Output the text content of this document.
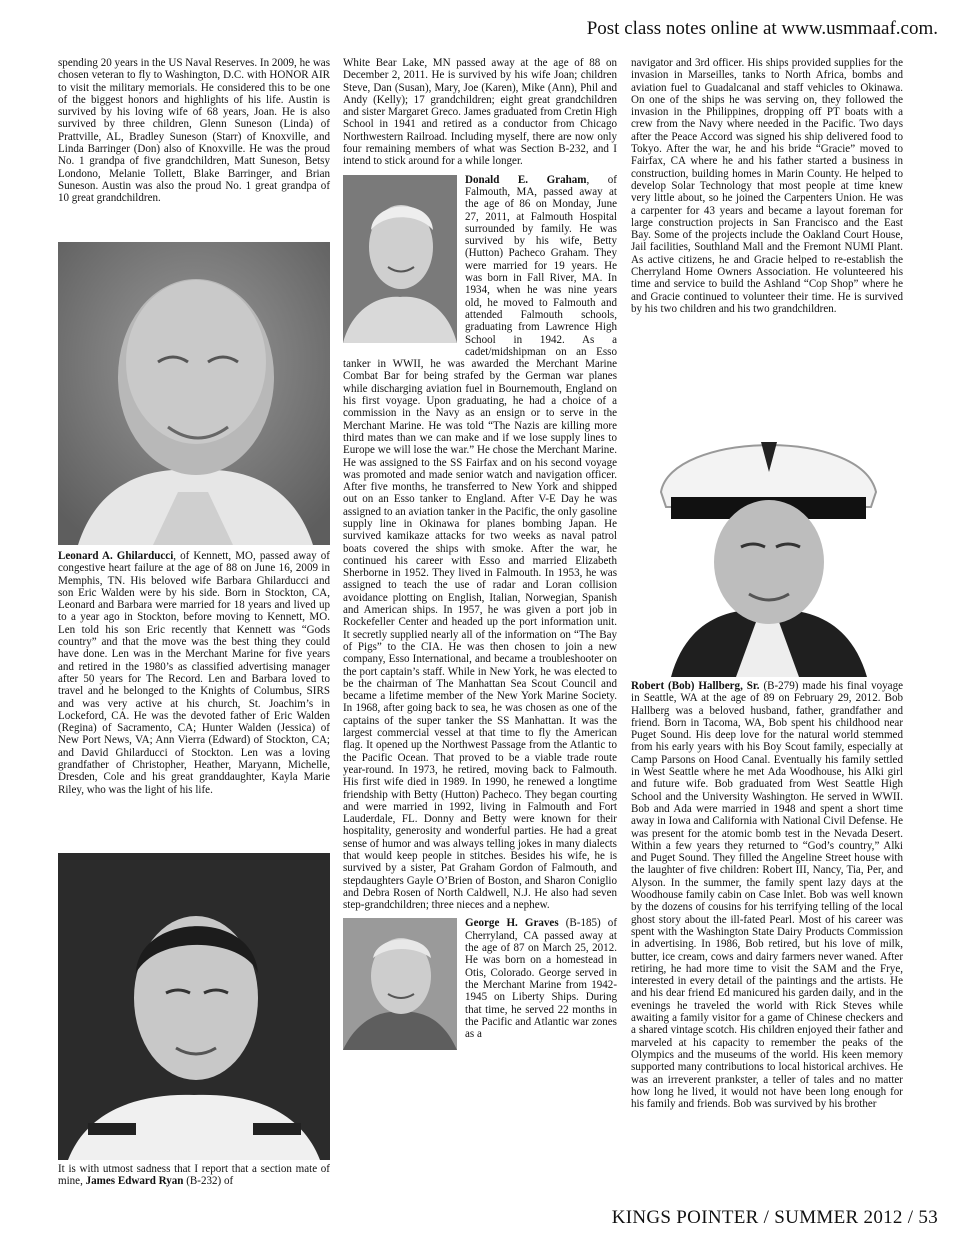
Post class notes online at www.usmmaaf.com.

spending 20 years in the US Naval Reserves. In 2009, he was chosen veteran to fly to Washington, D.C. with HONOR AIR to visit the military memorials. He considered this to be one of the biggest honors and highlights of his life. Austin is survived by his loving wife of 68 years, Joan. He is also survived by three children, Glenn Suneson (Linda) of Prattville, AL, Bradley Suneson (Starr) of Knoxville, and Linda Barringer (Don) also of Knoxville. He was the proud No. 1 grandpa of five grandchildren, Matt Suneson, Betsy Londono, Melanie Tollett, Blake Barringer, and Brian Suneson. Austin was also the proud No. 1 great grandpa of 10 great grandchildren.

Leonard A. Ghilarducci, of Kennett, MO, passed away of congestive heart failure at the age of 88 on June 16, 2009 in Memphis, TN. His beloved wife Barbara Ghilarducci and son Eric Walden were by his side. Born in Stockton, CA, Leonard and Barbara were married for 18 years and lived up to a year ago in Stockton, before moving to Kennett, MO. Len told his son Eric recently that Kennett was “Gods country” and that the move was the best thing they could have done. Len was in the Merchant Marine for five years and retired in the 1980’s as classified advertising manager after 50 years for The Record. Len and Barbara loved to travel and he belonged to the Knights of Columbus, SIRS and was very active at his church, St. Joachim’s in Lockeford, CA. He was the devoted father of Eric Walden (Regina) of Sacramento, CA; Hunter Walden (Jessica) of New Port News, VA; Ann Vierra (Edward) of Stockton, CA; and David Ghilarducci of Stockton. Len was a loving grandfather of Christopher, Heather, Maryann, Michelle, Dresden, Cole and his great granddaughter, Kayla Marie Riley, who was the light of his life.

It is with utmost sadness that I report that a section mate of mine, James Edward Ryan (B-232) of

White Bear Lake, MN passed away at the age of 88 on December 2, 2011. He is survived by his wife Joan; children Steve, Dan (Susan), Mary, Joe (Karen), Mike (Ann), Phil and Andy (Kelly); 17 grandchildren; eight great grandchildren and sister Margaret Greco. James graduated from Cretin High School in 1941 and retired as a conductor from Chicago Northwestern Railroad. Including myself, there are now only four remaining members of what was Section B-232, and I intend to stick around for a while longer.

Donald E. Graham, of Falmouth, MA, passed away at the age of 86 on Monday, June 27, 2011, at Falmouth Hospital surrounded by family. He was survived by his wife, Betty (Hutton) Pacheco Graham. They were married for 19 years. He was born in Fall River, MA. In 1934, when he was nine years old, he moved to Falmouth and attended Falmouth schools, graduating from Lawrence High School in 1942. As a cadet/midshipman on an Esso tanker in WWII, he was awarded the Merchant Marine Combat Bar for being strafed by the German war planes while discharging aviation fuel in Bournemouth, England on his first voyage. Upon graduating, he had a choice of a commission in the Navy as an ensign or to serve in the Merchant Marine. He was told “The Nazis are killing more third mates than we can make and if we lose supply lines to Europe we will lose the war.” He chose the Merchant Marine. He was assigned to the SS Fairfax and on his second voyage was promoted and made senior watch and navigation officer. After five months, he transferred to New York and shipped out on an Esso tanker to England. After V-E Day he was assigned to an aviation tanker in the Pacific, the only gasoline supply line in Okinawa for planes bombing Japan. He survived kamikaze attacks for two weeks as naval patrol boats covered the ships with smoke. After the war, he continued his career with Esso and married Elizabeth Sherborne in 1952. They lived in Falmouth. In 1953, he was assigned to teach the use of radar and Loran collision avoidance plotting on English, Italian, Norwegian, Spanish and American ships. In 1957, he was given a port job in Rockefeller Center and headed up the port information unit. It secretly supplied nearly all of the information on “The Bay of Pigs” to the CIA. He was then chosen to join a new company, Esso International, and became a troubleshooter on the port captain’s staff. While in New York, he was elected to be the chairman of The Manhattan Sea Scout Council and became a lifetime member of the New York Marine Society. In 1968, after going back to sea, he was chosen as one of the captains of the super tanker the SS Manhattan. It was the largest commercial vessel at that time to fly the American flag. It opened up the Northwest Passage from the Atlantic to the Pacific Ocean. That proved to be a viable trade route year-round. In 1973, he retired, moving back to Falmouth. His first wife died in 1989. In 1990, he renewed a longtime friendship with Betty (Hutton) Pacheco. They began courting and were married in 1992, living in Falmouth and Fort Lauderdale, FL. Donny and Betty were known for their hospitality, generosity and wonderful parties. He had a great sense of humor and was always telling jokes in many dialects that would keep people in stitches. Besides his wife, he is survived by a sister, Pat Graham Gordon of Falmouth, and stepdaughters Gayle O’Brien of Boston, and Sharon Coniglio and Debra Rosen of North Caldwell, N.J. He also had seven step-grandchildren; three nieces and a nephew.

George H. Graves (B-185) of Cherryland, CA passed away at the age of 87 on March 25, 2012. He was born on a homestead in Otis, Colorado. George served in the Merchant Marine from 1942-1945 on Liberty Ships. During that time, he served 22 months in the Pacific and Atlantic war zones as a

navigator and 3rd officer. His ships provided supplies for the invasion in Marseilles, tanks to North Africa, bombs and aviation fuel to Guadalcanal and staff vehicles to Okinawa. On one of the ships he was serving on, they followed the invasion in the Philippines, dropping off PT boats with a crew from the Navy where needed in the Pacific. Two days after the Peace Accord was signed his ship delivered food to Tokyo. After the war, he and his bride “Gracie” moved to Fairfax, CA where he and his father started a business in construction, building homes in Marin County. He helped to develop Solar Technology that most people at time knew very little about, so he joined the Carpenters Union. He was a carpenter for 43 years and became a layout foreman for large construction projects in San Francisco and the East Bay. Some of the projects include the Oakland Court House, Jail facilities, Southland Mall and the Fremont NUMI Plant. As active citizens, he and Gracie helped to re-establish the Cherryland Home Owners Association. He volunteered his time and service to build the Ashland “Cop Shop” where he and Gracie continued to volunteer their time. He is survived by his two children and his two grandchildren.

Robert (Bob) Hallberg, Sr. (B-279) made his final voyage in Seattle, WA at the age of 89 on February 29, 2012. Bob Hallberg was a beloved husband, father, grandfather and friend. Born in Tacoma, WA, Bob spent his childhood near Puget Sound. His deep love for the natural world stemmed from his early years with his Boy Scout family, especially at Camp Parsons on Hood Canal. Eventually his family settled in West Seattle where he met Ada Woodhouse, his Alki girl and future wife. Bob graduated from West Seattle High School and the University Washington. He served in WWII. Bob and Ada were married in 1948 and spent a short time away in Iowa and California with National Civil Defense. He was present for the atomic bomb test in the Nevada Desert. Within a few years they returned to “God’s country,” Alki and Puget Sound. They filled the Angeline Street house with the laughter of five children: Robert III, Nancy, Tia, Per, and Alyson. In the summer, the family spent lazy days at the Woodhouse family cabin on Case Inlet. Bob was well known by the dozens of cousins for his terrifying telling of the local ghost story about the ill-fated Pearl. Most of his career was spent with the Washington State Dairy Products Commission in advertising. In 1986, Bob retired, but his love of milk, butter, ice cream, cows and dairy farmers never waned. After retiring, he had more time to visit the SAM and the Frye, interested in every detail of the paintings and the artists. He and his dear friend Ed manicured his garden daily, and in the evenings he traveled the world with Rick Steves while awaiting a family visitor for a game of Chinese checkers and a shared vintage scotch. His children enjoyed their father and marveled at his capacity to remember the peaks of the Olympics and the museums of the world. His keen memory supported many contributions to local historical archives. He was an irreverent prankster, a teller of tales and no matter how long he lived, it would not have been long enough for his family and friends. Bob was survived by his brother

KINGS POINTER / SUMMER 2012 / 53
